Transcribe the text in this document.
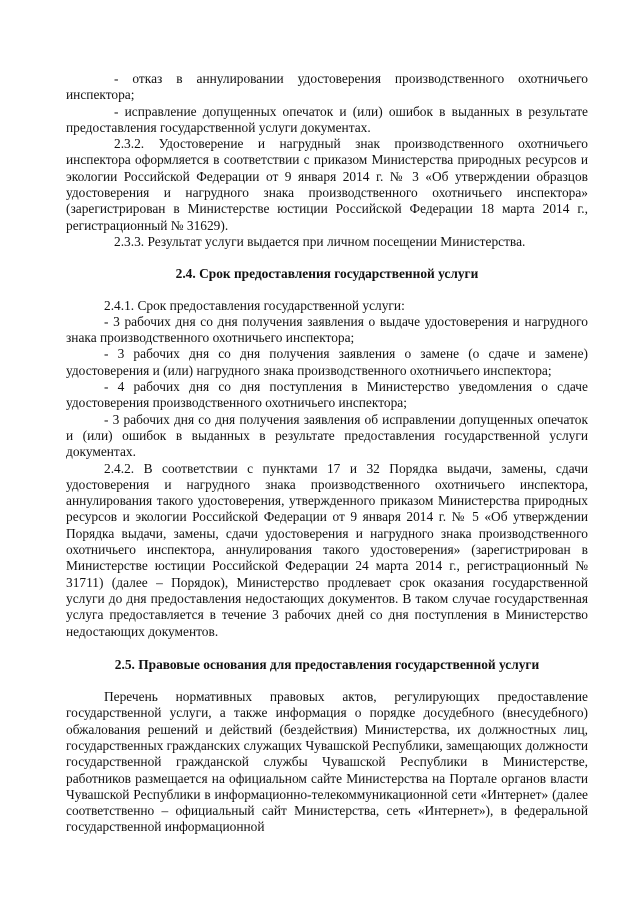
- отказ в аннулировании удостоверения производственного охотничьего инспектора;

- исправление допущенных опечаток и (или) ошибок в выданных в результате предоставления государственной услуги документах.

2.3.2. Удостоверение и нагрудный знак производственного охотничьего инспектора оформляется в соответствии с приказом Министерства природных ресурсов и экологии Российской Федерации от 9 января 2014 г. № 3 «Об утверждении образцов удостоверения и нагрудного знака производственного охотничьего инспектора» (зарегистрирован в Министерстве юстиции Российской Федерации 18 марта 2014 г., регистрационный № 31629).

2.3.3. Результат услуги выдается при личном посещении Министерства.

2.4. Срок предоставления государственной услуги

2.4.1. Срок предоставления государственной услуги:

- 3 рабочих дня со дня получения заявления о выдаче удостоверения и нагрудного знака производственного охотничьего инспектора;

- 3 рабочих дня со дня получения заявления о замене (о сдаче и замене) удостоверения и (или) нагрудного знака производственного охотничьего инспектора;

- 4 рабочих дня со дня поступления в Министерство уведомления о сдаче удостоверения производственного охотничьего инспектора;

- 3 рабочих дня со дня получения заявления об исправлении допущенных опечаток и (или) ошибок в выданных в результате предоставления государственной услуги документах.

2.4.2. В соответствии с пунктами 17 и 32 Порядка выдачи, замены, сдачи удостоверения и нагрудного знака производственного охотничьего инспектора, аннулирования такого удостоверения, утвержденного приказом Министерства природных ресурсов и экологии Российской Федерации от 9 января 2014 г. № 5 «Об утверждении Порядка выдачи, замены, сдачи удостоверения и нагрудного знака производственного охотничьего инспектора, аннулирования такого удостоверения» (зарегистрирован в Министерстве юстиции Российской Федерации 24 марта 2014 г., регистрационный № 31711) (далее – Порядок), Министерство продлевает срок оказания государственной услуги до дня предоставления недостающих документов. В таком случае государственная услуга предоставляется в течение 3 рабочих дней со дня поступления в Министерство недостающих документов.

2.5. Правовые основания для предоставления государственной услуги

Перечень нормативных правовых актов, регулирующих предоставление государственной услуги, а также информация о порядке досудебного (внесудебного) обжалования решений и действий (бездействия) Министерства, их должностных лиц, государственных гражданских служащих Чувашской Республики, замещающих должности государственной гражданской службы Чувашской Республики в Министерстве, работников размещается на официальном сайте Министерства на Портале органов власти Чувашской Республики в информационно-телекоммуникационной сети «Интернет» (далее соответственно – официальный сайт Министерства, сеть «Интернет»), в федеральной государственной информационной
